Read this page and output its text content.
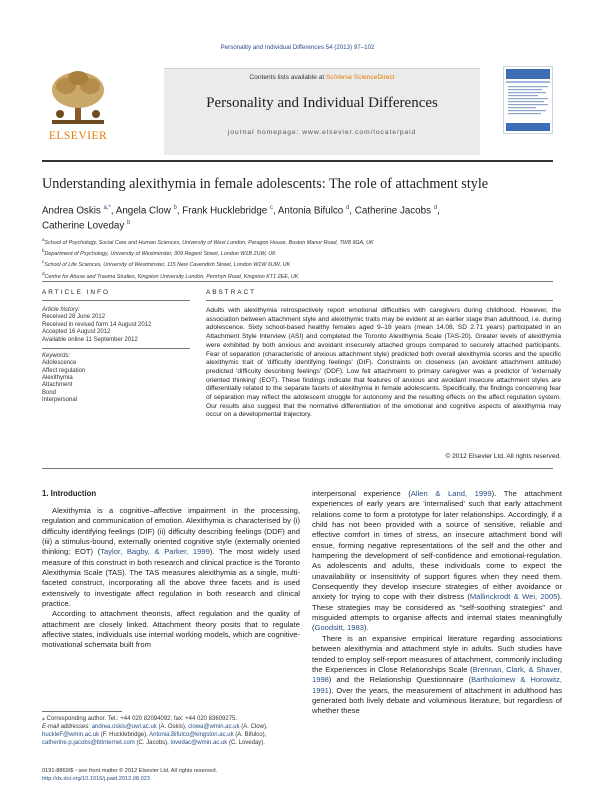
Personality and Individual Differences 54 (2013) 97–102
ELSEVIER
Contents lists available at SciVerse ScienceDirect
Personality and Individual Differences
journal homepage: www.elsevier.com/locate/paid
Understanding alexithymia in female adolescents: The role of attachment style
Andrea Oskis $^{a,*}$, Angela Clow $^b$, Frank Hucklebridge $^c$, Antonia Bifulco $^d$, Catherine Jacobs $^d$,
Catherine Loveday $^b$
$^a$School of Psychology, Social Care and Human Sciences, University of West London, Paragon House, Boston Manor Road, TW8 9GA, UK
$^b$Department of Psychology, University of Westminster, 309 Regent Street, London W1B 2UW, UK
$^c$School of Life Sciences, University of Westminster, 115 New Cavendish Street, London W1W 6UW, UK
$^d$Centre for Abuse and Trauma Studies, Kingston University London, Penrhyn Road, Kingston KT1 2EE, UK
ARTICLE INFO	ABSTRACT
Article history:
Received 28 June 2012
Received in revised form 14 August 2012
Accepted 16 August 2012
Available online 11 September 2012
Keywords:
Adolescence
Affect regulation
Alexithymia
Attachment
Bond
Interpersonal
Adults with alexithymia retrospectively report emotional difficulties with caregivers during childhood. However, the association between attachment style and alexithymic traits may be evident at an earlier stage than adulthood, i.e. during adolescence. Sixty school-based healthy females aged 9–18 years (mean 14.08, SD 2.71 years) participated in an Attachment Style Interview (ASI) and completed the Toronto Alexithymia Scale (TAS-20). Greater levels of alexithymia were exhibited by both anxious and avoidant insecurely attached groups compared to securely attached participants. Fear of separation (characteristic of anxious attachment style) predicted both overall alexithymia scores and the specific alexithymic trait of 'difficulty identifying feelings' (DIF). Constraints on closeness (an avoidant attachment attitude) predicted 'difficulty describing feelings' (DDF). Low felt attachment to primary caregiver was a predictor of 'externally oriented thinking' (EOT). These findings indicate that features of anxious and avoidant insecure attachment styles are differentially related to the separate facets of alexithymia in female adolescents. Specifically, the findings concerning fear of separation may reflect the adolescent struggle for autonomy and the resulting effects on the affect regulation system. Our results also suggest that the normative differentiation of the emotional and cognitive aspects of alexithymia may occur on a developmental trajectory.
© 2012 Elsevier Ltd. All rights reserved.
1. Introduction

Alexithymia is a cognitive–affective impairment in the processing, regulation and communication of emotion. Alexithymia is characterised by (i) difficulty identifying feelings (DIF) (ii) difficulty describing feelings (DDF) and (iii) a stimulus-bound, externally oriented cognitive style (externally oriented thinking; EOT) (Taylor, Bagby, & Parker, 1999). The most widely used measure of this construct in both research and clinical practice is the Toronto Alexithymia Scale (TAS). The TAS measures alexithymia as a single, multi-faceted construct, incorporating all the above three facets and is used extensively to investigate affect regulation in both research and clinical practice.

According to attachment theorists, affect regulation and the quality of attachment are closely linked. Attachment theory posits that to regulate affective states, individuals use internal working models, which are cognitive-motivational schemata built from

interpersonal experience (Allen & Land, 1999). The attachment experiences of early years are 'internalised' such that early attachment relations come to form a prototype for later relationships. Accordingly, if a child has not been provided with a source of sensitive, reliable and effective comfort in times of stress, an insecure attachment bond will ensue, forming negative representations of the self and the other and hampering the development of self-confidence and emotional-regulation. As adolescents and adults, these individuals come to expect the unavailability or insensitivity of support figures when they need them. Consequently they develop insecure strategies of either avoidance or anxiety for trying to cope with their distress (Mallinckrodt & Wei, 2005). These strategies may be considered as "self-soothing strategies" and misguided attempts to organise affects and internal states meaningfully (Goodsitt, 1983).

There is an expansive empirical literature regarding associations between alexithymia and attachment style in adults. Such studies have tended to employ self-report measures of attachment, commonly including the Experiences in Close Relationships Scale (Brennan, Clark, & Shaver, 1998) and the Relationship Questionnaire (Bartholomew & Horowitz, 1991). Over the years, the measurement of attachment in adulthood has generated both lively debate and voluminous literature, but regardless of whether these

⁎ Corresponding author. Tel.: +44 020 82094092; fax: +44 020 83609275.
E-mail addresses: andrea.oskis@uwl.ac.uk (A. Oskis), clowa@wmin.ac.uk (A. Clow), huckleF@wmin.ac.uk (F. Hucklebridge), Antonia.Bifulco@kingston.ac.uk (A. Bifulco), catherine.p.jacobs@btinternet.com (C. Jacobs), lovedac@wmin.ac.uk (C. Loveday).
0191-8869/$ - see front matter © 2012 Elsevier Ltd. All rights reserved.
http://dx.doi.org/10.1016/j.paid.2012.08.023
